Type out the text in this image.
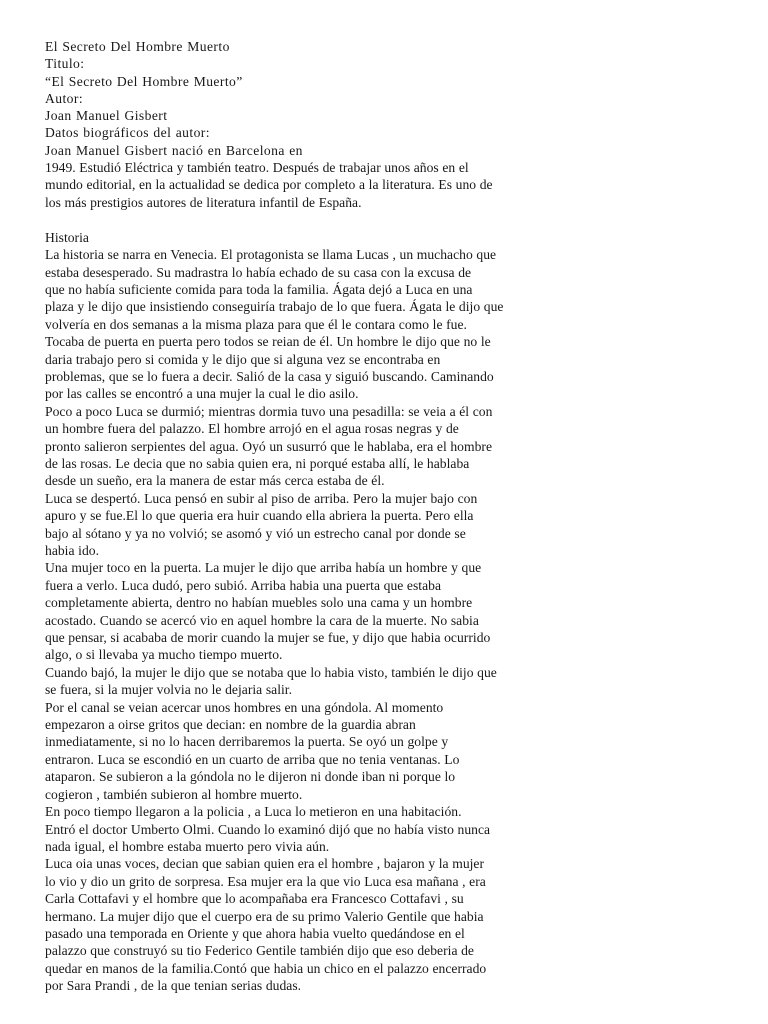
El Secreto Del Hombre Muerto
Titulo:
“El Secreto Del Hombre Muerto”
Autor:
Joan Manuel Gisbert
Datos biográficos del autor:
Joan Manuel Gisbert nació en Barcelona en

1949. Estudió Eléctrica y también teatro. Después de trabajar unos años en el
mundo editorial, en la actualidad se dedica por completo a la literatura. Es uno de
los más prestigios autores de literatura infantil de España.

Historia

La historia se narra en Venecia. El protagonista se llama Lucas , un muchacho que
estaba desesperado. Su madrastra lo había echado de su casa con la excusa de
que no había suficiente comida para toda la familia. Ágata dejó a Luca en una
plaza y le dijo que insistiendo conseguiría trabajo de lo que fuera. Ágata le dijo que
volvería en dos semanas a la misma plaza para que él le contara como le fue.

Tocaba de puerta en puerta pero todos se reian de él. Un hombre le dijo que no le
daria trabajo pero si comida y le dijo que si alguna vez se encontraba en
problemas, que se lo fuera a decir. Salió de la casa y siguió buscando. Caminando
por las calles se encontró a una mujer la cual le dio asilo.

Poco a poco Luca se durmió; mientras dormia tuvo una pesadilla: se veia a él con
un hombre fuera del palazzo. El hombre arrojó en el agua rosas negras y de
pronto salieron serpientes del agua. Oyó un susurró que le hablaba, era el hombre
de las rosas. Le decia que no sabia quien era, ni porqué estaba allí, le hablaba
desde un sueño, era la manera de estar más cerca estaba de él.

Luca se despertó. Luca pensó en subir al piso de arriba. Pero la mujer bajo con
apuro y se fue.El lo que queria era huir cuando ella abriera la puerta. Pero ella
bajo al sótano y ya no volvió; se asomó y vió un estrecho canal por donde se
habia ido.

Una mujer toco en la puerta. La mujer le dijo que arriba había un hombre y que
fuera a verlo. Luca dudó, pero subió. Arriba habia una puerta que estaba
completamente abierta, dentro no habían muebles solo una cama y un hombre
acostado. Cuando se acercó vio en aquel hombre la cara de la muerte. No sabia
que pensar, si acababa de morir cuando la mujer se fue, y dijo que habia ocurrido
algo, o si llevaba ya mucho tiempo muerto.

Cuando bajó, la mujer le dijo que se notaba que lo habia visto, también le dijo que
se fuera, si la mujer volvia no le dejaria salir.

Por el canal se veian acercar unos hombres en una góndola. Al momento
empezaron a oirse gritos que decian: en nombre de la guardia abran
inmediatamente, si no lo hacen derribaremos la puerta. Se oyó un golpe y
entraron. Luca se escondió en un cuarto de arriba que no tenia ventanas. Lo
ataparon. Se subieron a la góndola no le dijeron ni donde iban ni porque lo
cogieron , también subieron al hombre muerto.

En poco tiempo llegaron a la policia , a Luca lo metieron en una habitación.
Entró el doctor Umberto Olmi. Cuando lo examinó dijó que no había visto nunca
nada igual, el hombre estaba muerto pero vivia aún.

Luca oia unas voces, decian que sabian quien era el hombre , bajaron y la mujer
lo vio y dio un grito de sorpresa. Esa mujer era la que vio Luca esa mañana , era
Carla Cottafavi y el hombre que lo acompañaba era Francesco Cottafavi , su
hermano. La mujer dijo que el cuerpo era de su primo Valerio Gentile que habia
pasado una temporada en Oriente y que ahora habia vuelto quedándose en el
palazzo que construyó su tio Federico Gentile también dijo que eso deberia de
quedar en manos de la familia.Contó que habia un chico en el palazzo encerrado
por Sara Prandi , de la que tenian serias dudas.
